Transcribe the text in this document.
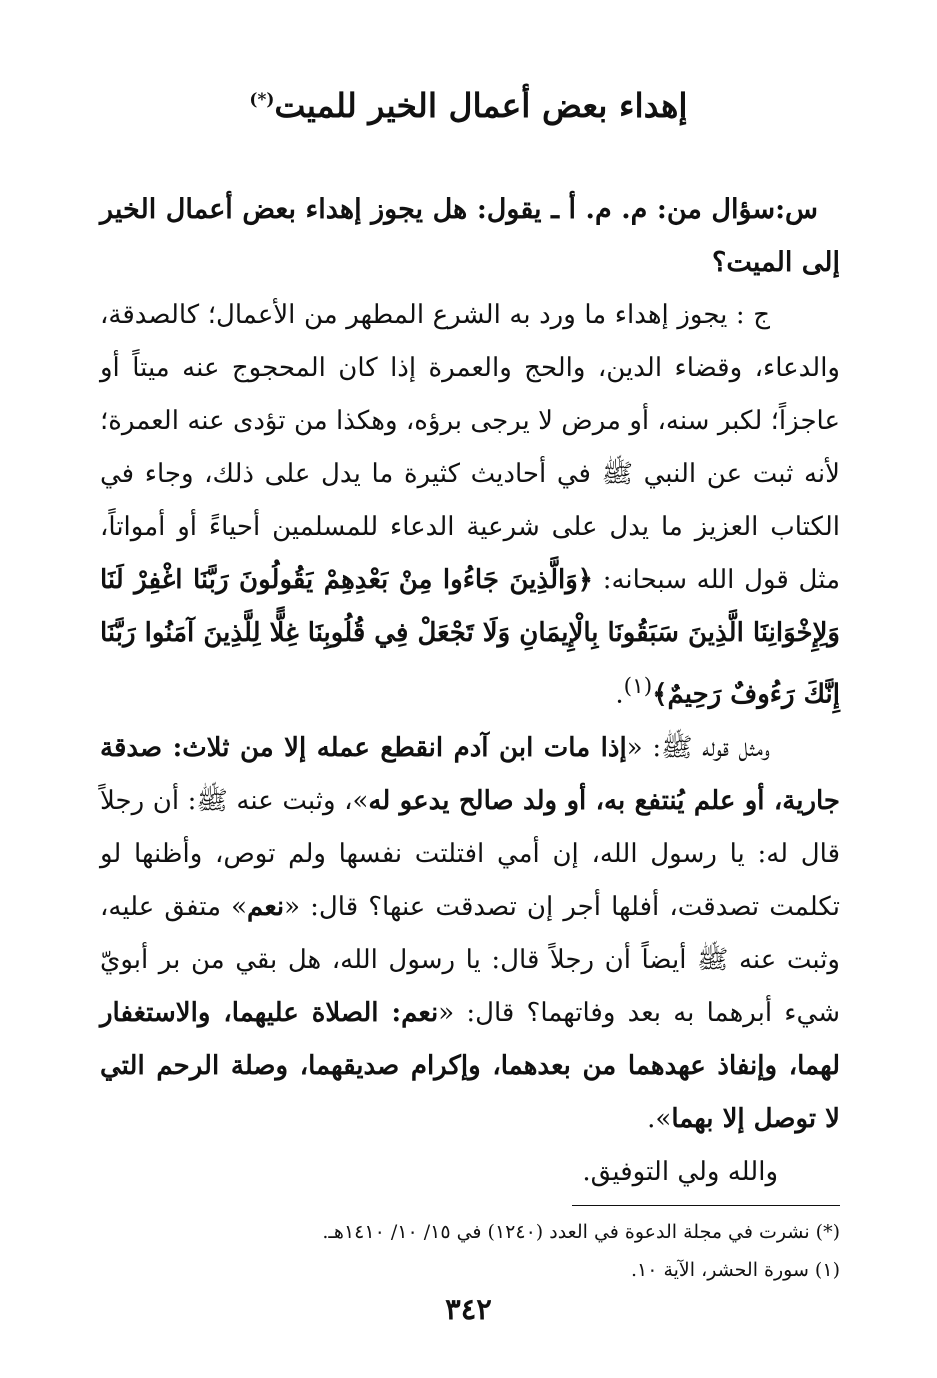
إهداء بعض أعمال الخير للميت(*)

س:سؤال من: م. م. أ ـ يقول: هل يجوز إهداء بعض أعمال الخير إلى الميت؟

ج : يجوز إهداء ما ورد به الشرع المطهر من الأعمال؛ كالصدقة، والدعاء، وقضاء الدين، والحج والعمرة إذا كان المحجوج عنه ميتاً أو عاجزاً؛ لكبر سنه، أو مرض لا يرجى برؤه، وهكذا من تؤدى عنه العمرة؛ لأنه ثبت عن النبي ﷺ في أحاديث كثيرة ما يدل على ذلك، وجاء في الكتاب العزيز ما يدل على شرعية الدعاء للمسلمين أحياءً أو أمواتاً، مثل قول الله سبحانه: ﴿وَالَّذِينَ جَاءُوا مِنْ بَعْدِهِمْ يَقُولُونَ رَبَّنَا اغْفِرْ لَنَا وَلِإِخْوَانِنَا الَّذِينَ سَبَقُونَا بِالْإِيمَانِ وَلَا تَجْعَلْ فِي قُلُوبِنَا غِلًّا لِلَّذِينَ آمَنُوا رَبَّنَا إِنَّكَ رَءُوفٌ رَحِيمٌ﴾$^{(١)}$.

ومثل قوله ﷺ: «إذا مات ابن آدم انقطع عمله إلا من ثلاث: صدقة جارية، أو علم يُنتفع به، أو ولد صالح يدعو له»، وثبت عنه ﷺ: أن رجلاً قال له: يا رسول الله، إن أمي افتلتت نفسها ولم توص، وأظنها لو تكلمت تصدقت، أفلها أجر إن تصدقت عنها؟ قال: «نعم» متفق عليه، وثبت عنه ﷺ أيضاً أن رجلاً قال: يا رسول الله، هل بقي من بر أبويّ شيء أبرهما به بعد وفاتهما؟ قال: «نعم: الصلاة عليهما، والاستغفار لهما، وإنفاذ عهدهما من بعدهما، وإكرام صديقهما، وصلة الرحم التي لا توصل إلا بهما».

والله ولي التوفيق.

(*) نشرت في مجلة الدعوة في العدد (١٢٤٠) في ١٥/ ١٠/ ١٤١٠هـ.

(١) سورة الحشر، الآية ١٠.

٣٤٢
